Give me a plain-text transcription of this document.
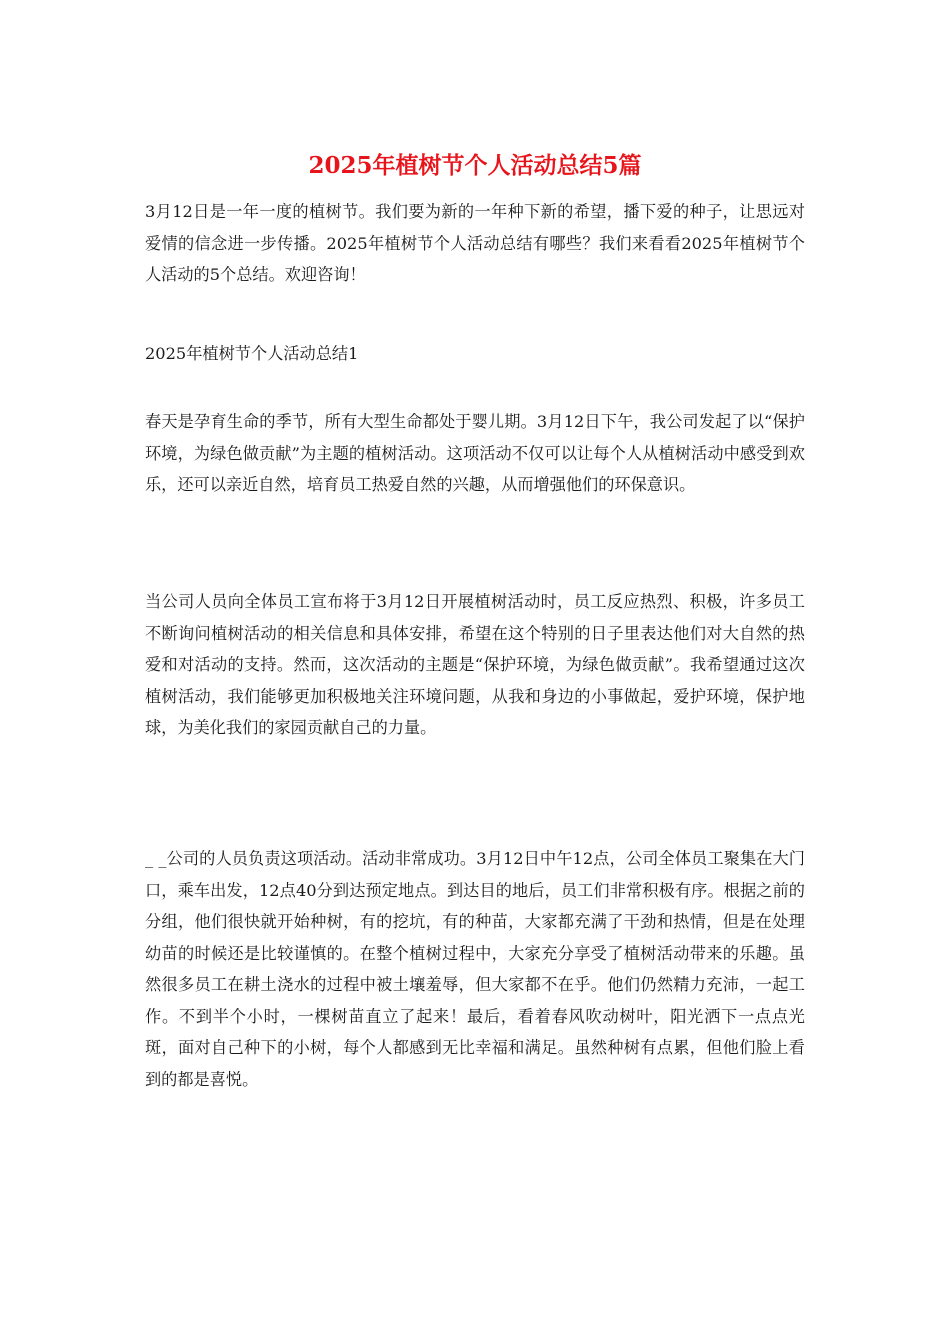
2025年植树节个人活动总结5篇

3月12日是一年一度的植树节。我们要为新的一年种下新的希望，播下爱的种子，让思远对爱情的信念进一步传播。2025年植树节个人活动总结有哪些？我们来看看2025年植树节个人活动的5个总结。欢迎咨询！

2025年植树节个人活动总结1

春天是孕育生命的季节，所有大型生命都处于婴儿期。3月12日下午，我公司发起了以“保护环境，为绿色做贡献”为主题的植树活动。这项活动不仅可以让每个人从植树活动中感受到欢乐，还可以亲近自然，培育员工热爱自然的兴趣，从而增强他们的环保意识。

当公司人员向全体员工宣布将于3月12日开展植树活动时，员工反应热烈、积极，许多员工不断询问植树活动的相关信息和具体安排，希望在这个特别的日子里表达他们对大自然的热爱和对活动的支持。然而，这次活动的主题是“保护环境，为绿色做贡献”。我希望通过这次植树活动，我们能够更加积极地关注环境问题，从我和身边的小事做起，爱护环境，保护地球，为美化我们的家园贡献自己的力量。

_ _公司的人员负责这项活动。活动非常成功。3月12日中午12点，公司全体员工聚集在大门口，乘车出发，12点40分到达预定地点。到达目的地后，员工们非常积极有序。根据之前的分组，他们很快就开始种树，有的挖坑，有的种苗，大家都充满了干劲和热情，但是在处理幼苗的时候还是比较谨慎的。在整个植树过程中，大家充分享受了植树活动带来的乐趣。虽然很多员工在耕土浇水的过程中被土壤羞辱，但大家都不在乎。他们仍然精力充沛，一起工作。不到半个小时，一棵树苗直立了起来！最后，看着春风吹动树叶，阳光洒下一点点光斑，面对自己种下的小树，每个人都感到无比幸福和满足。虽然种树有点累，但他们脸上看到的都是喜悦。
